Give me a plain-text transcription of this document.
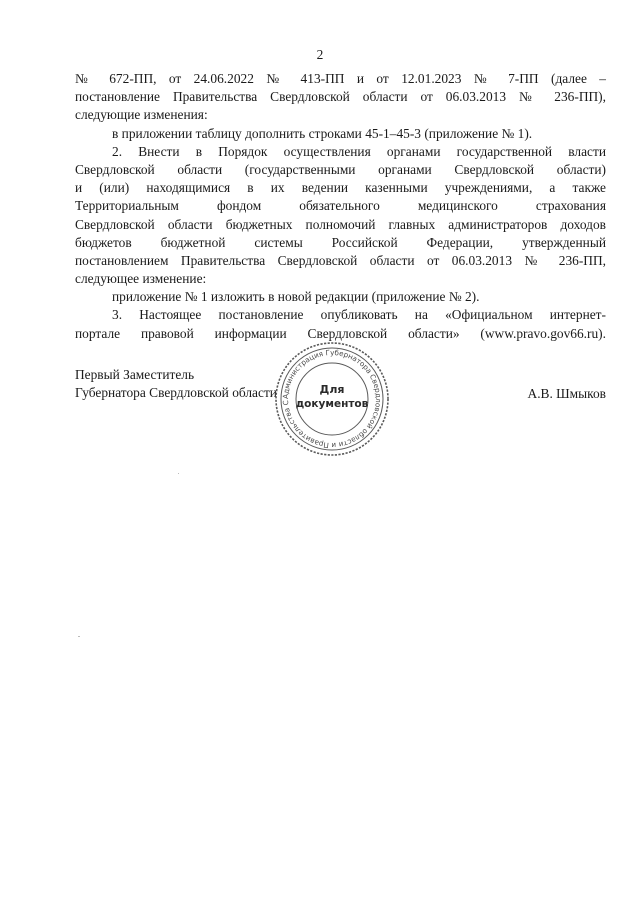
2
№ 672-ПП, от 24.06.2022 № 413-ПП и от 12.01.2023 № 7-ПП (далее –
постановление Правительства Свердловской области от 06.03.2013 № 236-ПП),
следующие изменения:
в приложении таблицу дополнить строками 45-1–45-3 (приложение № 1).
2. Внести в Порядок осуществления органами государственной власти
Свердловской области (государственными органами Свердловской области)
и (или) находящимися в их ведении казенными учреждениями, а также
Территориальным фондом обязательного медицинского страхования
Свердловской области бюджетных полномочий главных администраторов доходов
бюджетов бюджетной системы Российской Федерации, утвержденный
постановлением Правительства Свердловской области от 06.03.2013 № 236-ПП,
следующее изменение:
приложение № 1 изложить в новой редакции (приложение № 2).
3. Настоящее постановление опубликовать на «Официальном интернет-
портале правовой информации Свердловской области» (www.pravo.gov66.ru).
Первый Заместитель
Губернатора Свердловской области Администрация Губернатора Свердловской области и Правительства С
Для
документов
А.В. Шмыков
